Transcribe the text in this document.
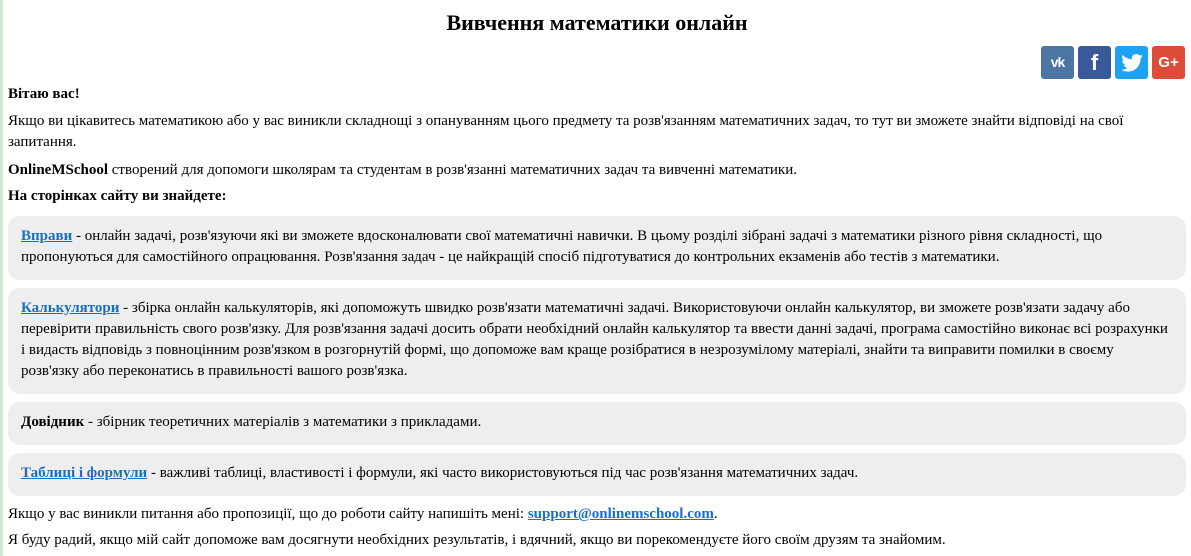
Вивчення математики онлайн
vk	f	G+

Вітаю вас!

Якщо ви цікавитесь математикою або у вас виникли складнощі з опануванням цього предмету та розв'язанням математичних задач, то тут ви зможете знайти відповіді на свої запитання.

OnlineMSchool створений для допомоги школярам та студентам в розв'язанні математичних задач та вивченні математики.

На сторінках сайту ви знайдете:

Вправи - онлайн задачі, розв'язуючи які ви зможете вдосконалювати свої математичні навички. В цьому розділі зібрані задачі з математики різного рівня складності, що пропонуються для самостійного опрацювання. Розв'язання задач - це найкращій спосіб підготуватися до контрольних екзаменів або тестів з математики.
Калькулятори - збірка онлайн калькуляторів, які допоможуть швидко розв'язати математичні задачі. Використовуючи онлайн калькулятор, ви зможете розв'язати задачу або перевірити правильність свого розв'язку. Для розв'язання задачі досить обрати необхідний онлайн калькулятор та ввести данні задачі, програма самостійно виконає всі розрахунки і видасть відповідь з повноцінним розв'язком в розгорнутій формі, що допоможе вам краще розібратися в незрозумілому матеріалі, знайти та виправити помилки в своєму розв'язку або переконатись в правильності вашого розв'язка.
Довідник - збірник теоретичних матеріалів з математики з прикладами.
Таблиці і формули - важливі таблиці, властивості і формули, які часто використовуються під час розв'язання математичних задач.

Якщо у вас виникли питання або пропозиції, що до роботи сайту напишіть мені: support@onlinemschool.com.

Я буду радий, якщо мій сайт допоможе вам досягнути необхідних результатів, і вдячний, якщо ви порекомендуєте його своїм друзям та знайомим.
